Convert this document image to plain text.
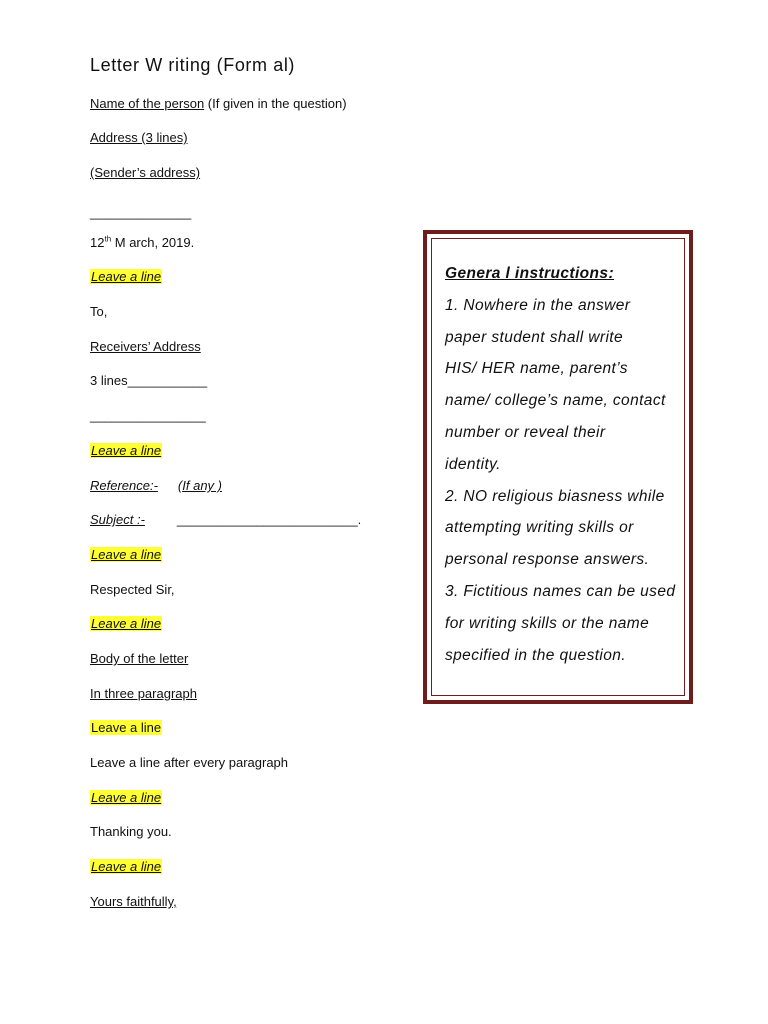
Letter W riting (Form al)
Name of the person (If given in the question)
Address (3 lines)
(Sender’s address)
______________
12th M arch, 2019.
Leave a line
To,
Receivers’ Address
3 lines___________
________________
Leave a line
Reference:- (If any )
Subject :- _________________________.
Leave a line
Respected Sir,
Leave a line
Body of the letter
In three paragraph
Leave a line
Leave a line after every paragraph
Leave a line
Thanking you.
Leave a line
Yours faithfully,
Genera l instructions:
1. Nowhere in the answer
paper student shall write
HIS/ HER name, parent’s
name/ college’s name, contact
number or reveal their
identity.
2. NO religious biasness while
attempting writing skills or
personal response answers.
3. Fictitious names can be used
for writing skills or the name
specified in the question.
